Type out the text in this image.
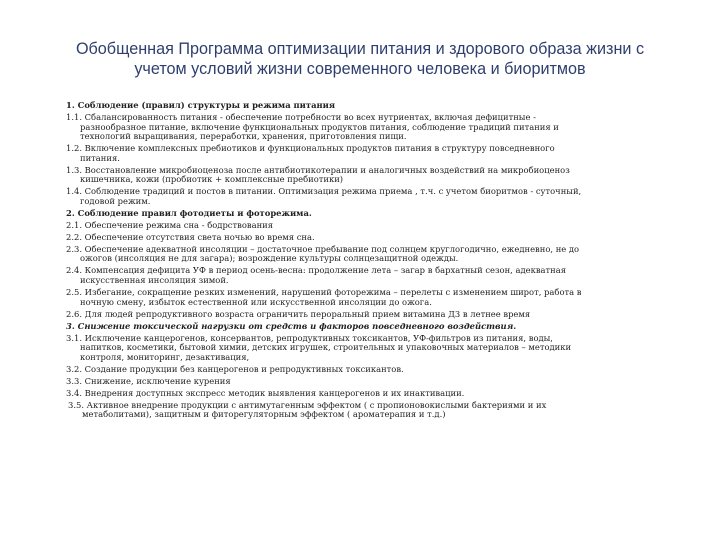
Обобщенная Программа оптимизации питания и здорового образа жизни с
учетом условий жизни современного человека и биоритмов
1. Соблюдение (правил) структуры и режима питания
1.1. Сбалансированность питания - обеспечение потребности во всех нутриентах, включая дефицитные -
разнообразное питание, включение функциональных продуктов питания, соблюдение традиций питания и
технологий выращивания, переработки, хранения, приготовления пищи.
1.2. Включение комплексных пребиотиков и функциональных продуктов питания в структуру повседневного
питания.
1.3. Восстановление микробиоценоза после антибиотикотерапии и аналогичных воздействий на микробиоценоз
кишечника, кожи (пробиотик + комплексные пребиотики)
1.4. Соблюдение традиций и постов в питании. Оптимизация режима приема , т.ч. с учетом биоритмов - суточный,
годовой режим.
2. Соблюдение правил фотодиеты и фоторежима.
2.1. Обеспечение режима сна - бодрствования
2.2. Обеспечение отсутствия света ночью во время сна.
2.3. Обеспечение адекватной инсоляции – достаточное пребывание под солнцем круглогодично, ежедневно, не до
ожогов (инсоляция не для загара); возрождение культуры солнцезащитной одежды.
2.4. Компенсация дефицита УФ в период осень-весна: продолжение лета – загар в бархатный сезон, адекватная
искусственная инсоляция зимой.
2.5. Избегание, сокращение резких изменений, нарушений фоторежима – перелеты с изменением широт, работа в
ночную смену, избыток естественной или искусственной инсоляции до ожога.
2.6. Для людей репродуктивного возраста ограничить пероральный прием витамина Д3 в летнее время
3. Снижение токсической нагрузки от средств и факторов повседневного воздействия.
3.1. Исключение канцерогенов, консервантов, репродуктивных токсикантов, УФ-фильтров из питания, воды,
напитков, косметики, бытовой химии, детских игрушек, строительных и упаковочных материалов – методики
контроля, мониторинг, дезактивация,
3.2. Создание продукции без канцерогенов и репродуктивных токсикантов.
3.3. Снижение, исключение курения
3.4. Внедрения доступных экспресс методик выявления канцерогенов и их инактивации.
3.5. Активное внедрение продукции с антимутагенным эффектом ( с пропионовокислыми бактериями и их
метаболитами), защитным и фиторегуляторным эффектом ( ароматерапия и т.д.)
